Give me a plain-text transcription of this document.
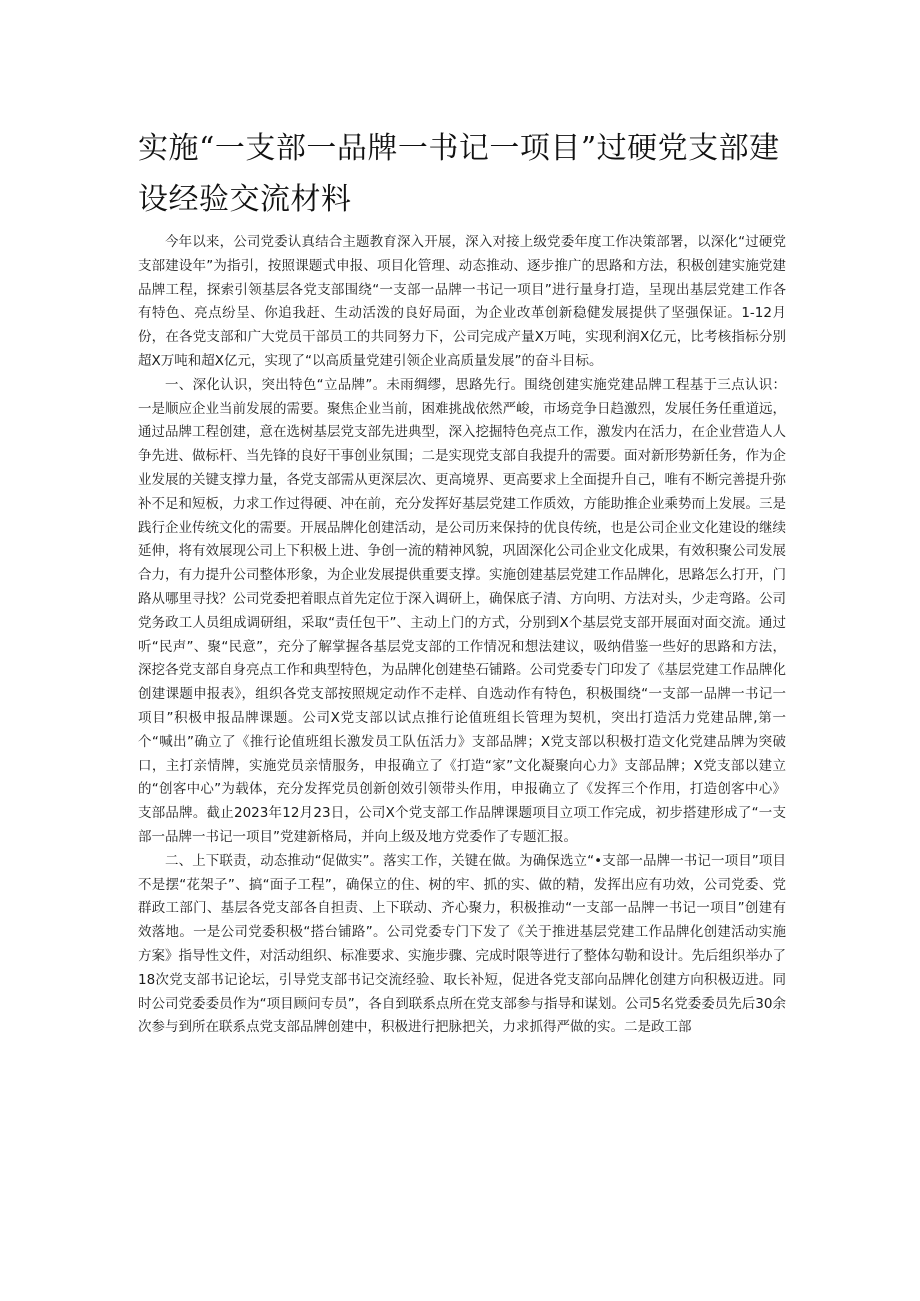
实施“一支部一品牌一书记一项目”过硬党支部建设经验交流材料

今年以来，公司党委认真结合主题教育深入开展，深入对接上级党委年度工作决策部署，以深化“过硬党支部建设年”为指引，按照课题式申报、项目化管理、动态推动、逐步推广的思路和方法，积极创建实施党建品牌工程，探索引领基层各党支部围绕“一支部一品牌一书记一项目”进行量身打造，呈现出基层党建工作各有特色、亮点纷呈、你追我赶、生动活泼的良好局面，为企业改革创新稳健发展提供了坚强保证。1-12月份，在各党支部和广大党员干部员工的共同努力下，公司完成产量X万吨，实现利润X亿元，比考核指标分别超X万吨和超X亿元，实现了“以高质量党建引领企业高质量发展”的奋斗目标。

一、深化认识，突出特色“立品牌”。未雨绸缪，思路先行。围绕创建实施党建品牌工程基于三点认识：一是顺应企业当前发展的需要。聚焦企业当前，困难挑战依然严峻，市场竞争日趋激烈，发展任务任重道远，通过品牌工程创建，意在选树基层党支部先进典型，深入挖掘特色亮点工作，激发内在活力，在企业营造人人争先进、做标杆、当先锋的良好干事创业氛围；二是实现党支部自我提升的需要。面对新形势新任务，作为企业发展的关键支撑力量，各党支部需从更深层次、更高境界、更高要求上全面提升自己，唯有不断完善提升弥补不足和短板，力求工作过得硬、冲在前，充分发挥好基层党建工作质效，方能助推企业乘势而上发展。三是践行企业传统文化的需要。开展品牌化创建活动，是公司历来保持的优良传统，也是公司企业文化建设的继续延伸，将有效展现公司上下积极上进、争创一流的精神风貌，巩固深化公司企业文化成果，有效积聚公司发展合力，有力提升公司整体形象，为企业发展提供重要支撑。实施创建基层党建工作品牌化，思路怎么打开，门路从哪里寻找？公司党委把着眼点首先定位于深入调研上，确保底子清、方向明、方法对头，少走弯路。公司党务政工人员组成调研组，采取“责任包干”、主动上门的方式，分别到X个基层党支部开展面对面交流。通过听“民声”、聚“民意”，充分了解掌握各基层党支部的工作情况和想法建议，吸纳借鉴一些好的思路和方法，深挖各党支部自身亮点工作和典型特色，为品牌化创建垫石铺路。公司党委专门印发了《基层党建工作品牌化创建课题申报表》，组织各党支部按照规定动作不走样、自选动作有特色，积极围绕“一支部一品牌一书记一项目”积极申报品牌课题。公司X党支部以试点推行论值班组长管理为契机，突出打造活力党建品牌,第一个“喊出”确立了《推行论值班组长激发员工队伍活力》支部品牌；X党支部以积极打造文化党建品牌为突破口，主打亲情牌，实施党员亲情服务，申报确立了《打造“家”文化凝聚向心力》支部品牌；X党支部以建立的“创客中心”为载体，充分发挥党员创新创效引领带头作用，申报确立了《发挥三个作用，打造创客中心》支部品牌。截止2023年12月23日，公司X个党支部工作品牌课题项目立项工作完成，初步搭建形成了“一支部一品牌一书记一项目”党建新格局，并向上级及地方党委作了专题汇报。

二、上下联责，动态推动“促做实”。落实工作，关键在做。为确保选立“•支部一品牌一书记一项目”项目不是摆“花架子”、搞“面子工程”，确保立的住、树的牢、抓的实、做的精，发挥出应有功效，公司党委、党群政工部门、基层各党支部各自担责、上下联动、齐心聚力，积极推动“一支部一品牌一书记一项目”创建有效落地。一是公司党委积极“搭台铺路”。公司党委专门下发了《关于推进基层党建工作品牌化创建活动实施方案》指导性文件，对活动组织、标准要求、实施步骤、完成时限等进行了整体勾勒和设计。先后组织举办了18次党支部书记论坛，引导党支部书记交流经验、取长补短，促进各党支部向品牌化创建方向积极迈进。同时公司党委委员作为“项目顾问专员”，各自到联系点所在党支部参与指导和谋划。公司5名党委委员先后30余次参与到所在联系点党支部品牌创建中，积极进行把脉把关，力求抓得严做的实。二是政工部
